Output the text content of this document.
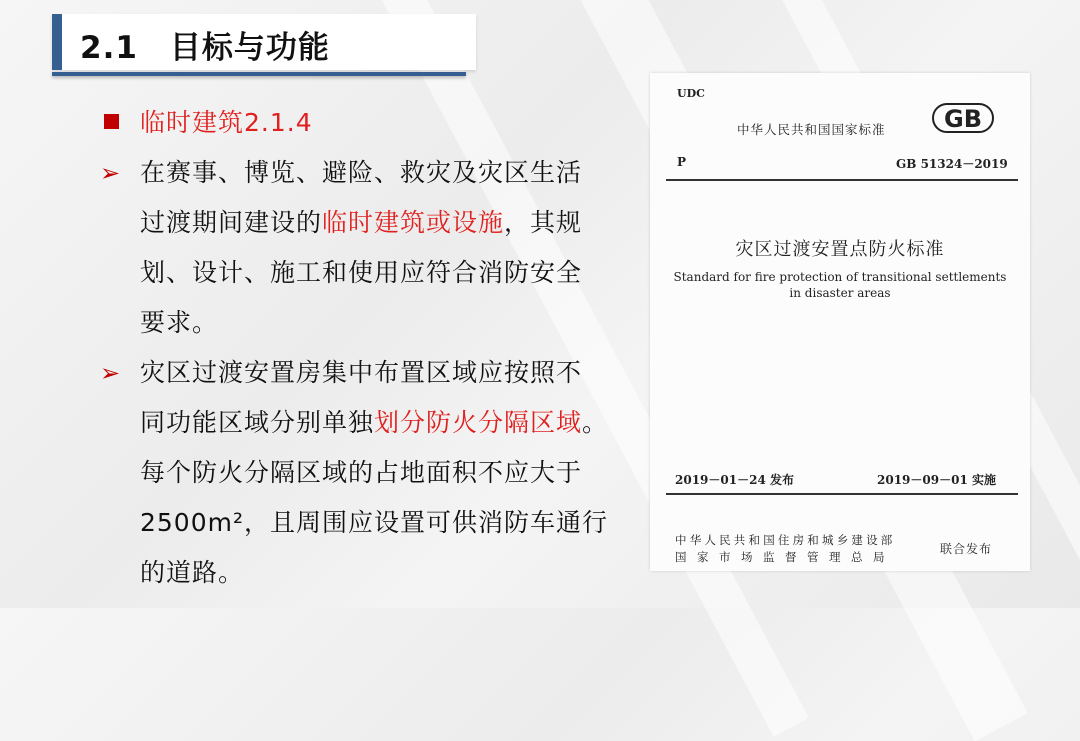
2.1 目标与功能
临时建筑2.1.4
➢ 在赛事、博览、避险、救灾及灾区生活
过渡期间建设的临时建筑或设施，其规
划、设计、施工和使用应符合消防安全
要求。
➢ 灾区过渡安置房集中布置区域应按照不
同功能区域分别单独划分防火分隔区域。
每个防火分隔区域的占地面积不应大于
2500m²，且周围应设置可供消防车通行
的道路。
UDC
中华人民共和国国家标准 GB
P	GB 51324－2019
灾区过渡安置点防火标准
Standard for fire protection of transitional settlements
in disaster areas
2019－01－24 发布	2019－09－01 实施
中华人民共和国住房和城乡建设部
国家市场监督管理总局
联合发布
